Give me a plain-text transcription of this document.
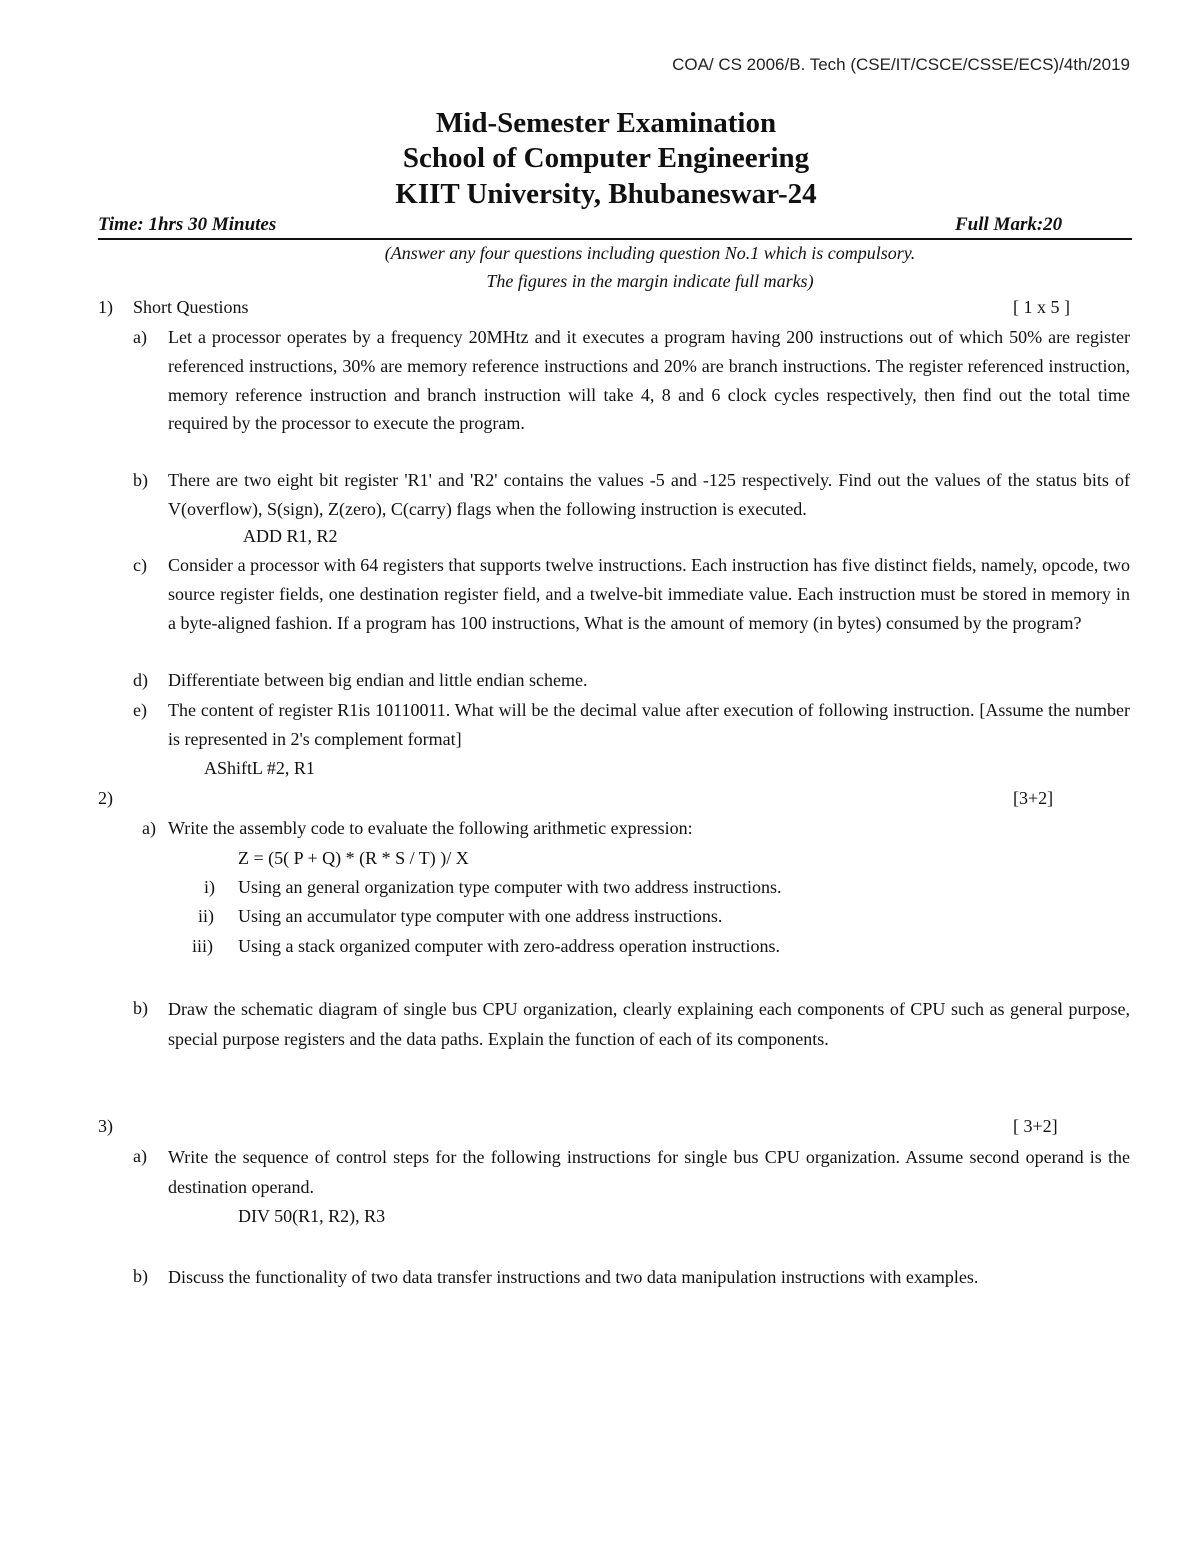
COA/ CS 2006/B. Tech (CSE/IT/CSCE/CSSE/ECS)/4th/2019
Mid-Semester Examination
School of Computer Engineering
KIIT University, Bhubaneswar-24
Time: 1hrs 30 Minutes	Full Mark:20
(Answer any four questions including question No.1 which is compulsory.
The figures in the margin indicate full marks)
1) Short Questions	[ 1 x 5 ]
a) Let a processor operates by a frequency 20MHtz and it executes a program having 200 instructions out of which 50% are register referenced instructions, 30% are memory reference instructions and 20% are branch instructions. The register referenced instruction, memory reference instruction and branch instruction will take 4, 8 and 6 clock cycles respectively, then find out the total time required by the processor to execute the program.
b) There are two eight bit register 'R1' and 'R2' contains the values -5 and -125 respectively. Find out the values of the status bits of V(overflow), S(sign), Z(zero), C(carry) flags when the following instruction is executed.
ADD R1, R2
c) Consider a processor with 64 registers that supports twelve instructions. Each instruction has five distinct fields, namely, opcode, two source register fields, one destination register field, and a twelve-bit immediate value. Each instruction must be stored in memory in a byte-aligned fashion. If a program has 100 instructions, What is the amount of memory (in bytes) consumed by the program?
d) Differentiate between big endian and little endian scheme.
e) The content of register R1is 10110011. What will be the decimal value after execution of following instruction. [Assume the number is represented in 2's complement format]
AShiftL #2, R1
2)	[3+2]
a) Write the assembly code to evaluate the following arithmetic expression:
Z = (5( P + Q) * (R * S / T) )/ X
i) Using an general organization type computer with two address instructions.
ii) Using an accumulator type computer with one address instructions.
iii) Using a stack organized computer with zero-address operation instructions.
b) Draw the schematic diagram of single bus CPU organization, clearly explaining each components of CPU such as general purpose, special purpose registers and the data paths. Explain the function of each of its components.
3)	[ 3+2]
a) Write the sequence of control steps for the following instructions for single bus CPU organization. Assume second operand is the destination operand.
DIV 50(R1, R2), R3
b) Discuss the functionality of two data transfer instructions and two data manipulation instructions with examples.
